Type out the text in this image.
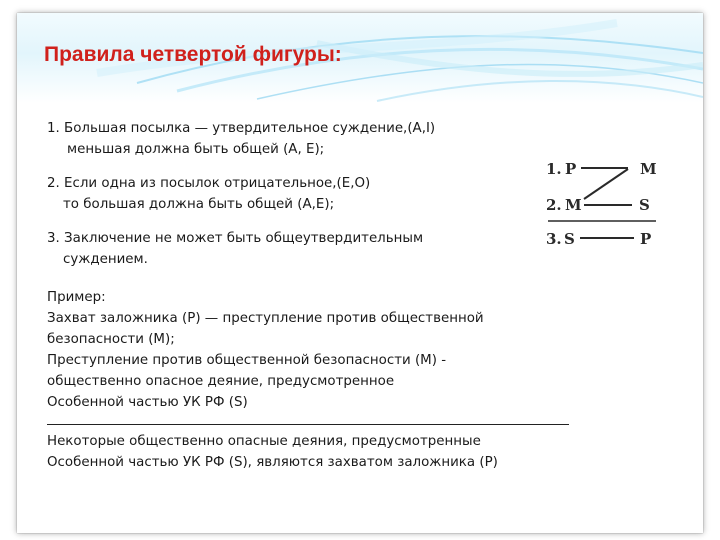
Правила четвертой фигуры:

1. Большая посылка — утвердительное суждение,(А,I)

меньшая должна быть общей (А, Е);

2. Если одна из посылок отрицательное,(Е,О)

то большая должна быть общей (А,Е);

3. Заключение не может быть общеутвердительным

суждением.

Пример:

Захват заложника (Р) — преступление против общественной

безопасности (М);

Преступление против общественной безопасности (М) -

общественно опасное деяние, предусмотренное

Особенной частью УК РФ (S)

Некоторые общественно опасные деяния, предусмотренные

Особенной частью УК РФ (S), являются захватом заложника (Р)

1. P	M
2. M	S
3. S	P
